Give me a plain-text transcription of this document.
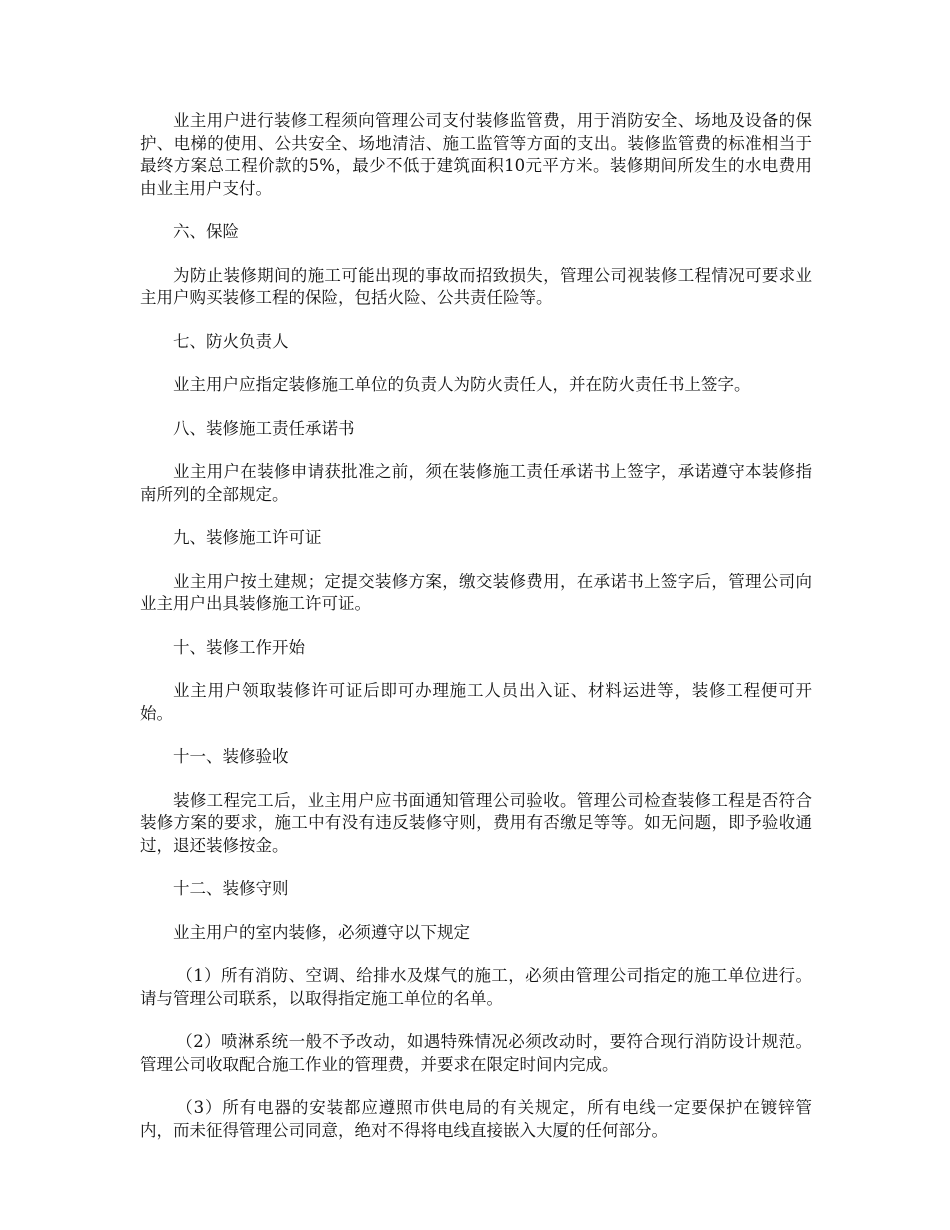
业主用户进行装修工程须向管理公司支付装修监管费，用于消防安全、场地及设备的保护、电梯的使用、公共安全、场地清洁、施工监管等方面的支出。装修监管费的标准相当于最终方案总工程价款的5%，最少不低于建筑面积10元平方米。装修期间所发生的水电费用由业主用户支付。

六、保险

为防止装修期间的施工可能出现的事故而招致损失，管理公司视装修工程情况可要求业主用户购买装修工程的保险，包括火险、公共责任险等。

七、防火负责人

业主用户应指定装修施工单位的负责人为防火责任人，并在防火责任书上签字。

八、装修施工责任承诺书

业主用户在装修申请获批准之前，须在装修施工责任承诺书上签字，承诺遵守本装修指南所列的全部规定。

九、装修施工许可证

业主用户按土建规；定提交装修方案，缴交装修费用，在承诺书上签字后，管理公司向业主用户出具装修施工许可证。

十、装修工作开始

业主用户领取装修许可证后即可办理施工人员出入证、材料运进等，装修工程便可开始。

十一、装修验收

装修工程完工后，业主用户应书面通知管理公司验收。管理公司检查装修工程是否符合装修方案的要求，施工中有没有违反装修守则，费用有否缴足等等。如无问题，即予验收通过，退还装修按金。

十二、装修守则

业主用户的室内装修，必须遵守以下规定

（1）所有消防、空调、给排水及煤气的施工，必须由管理公司指定的施工单位进行。请与管理公司联系，以取得指定施工单位的名单。

（2）喷淋系统一般不予改动，如遇特殊情况必须改动时，要符合现行消防设计规范。管理公司收取配合施工作业的管理费，并要求在限定时间内完成。

（3）所有电器的安装都应遵照市供电局的有关规定，所有电线一定要保护在镀锌管内，而未征得管理公司同意，绝对不得将电线直接嵌入大厦的任何部分。
